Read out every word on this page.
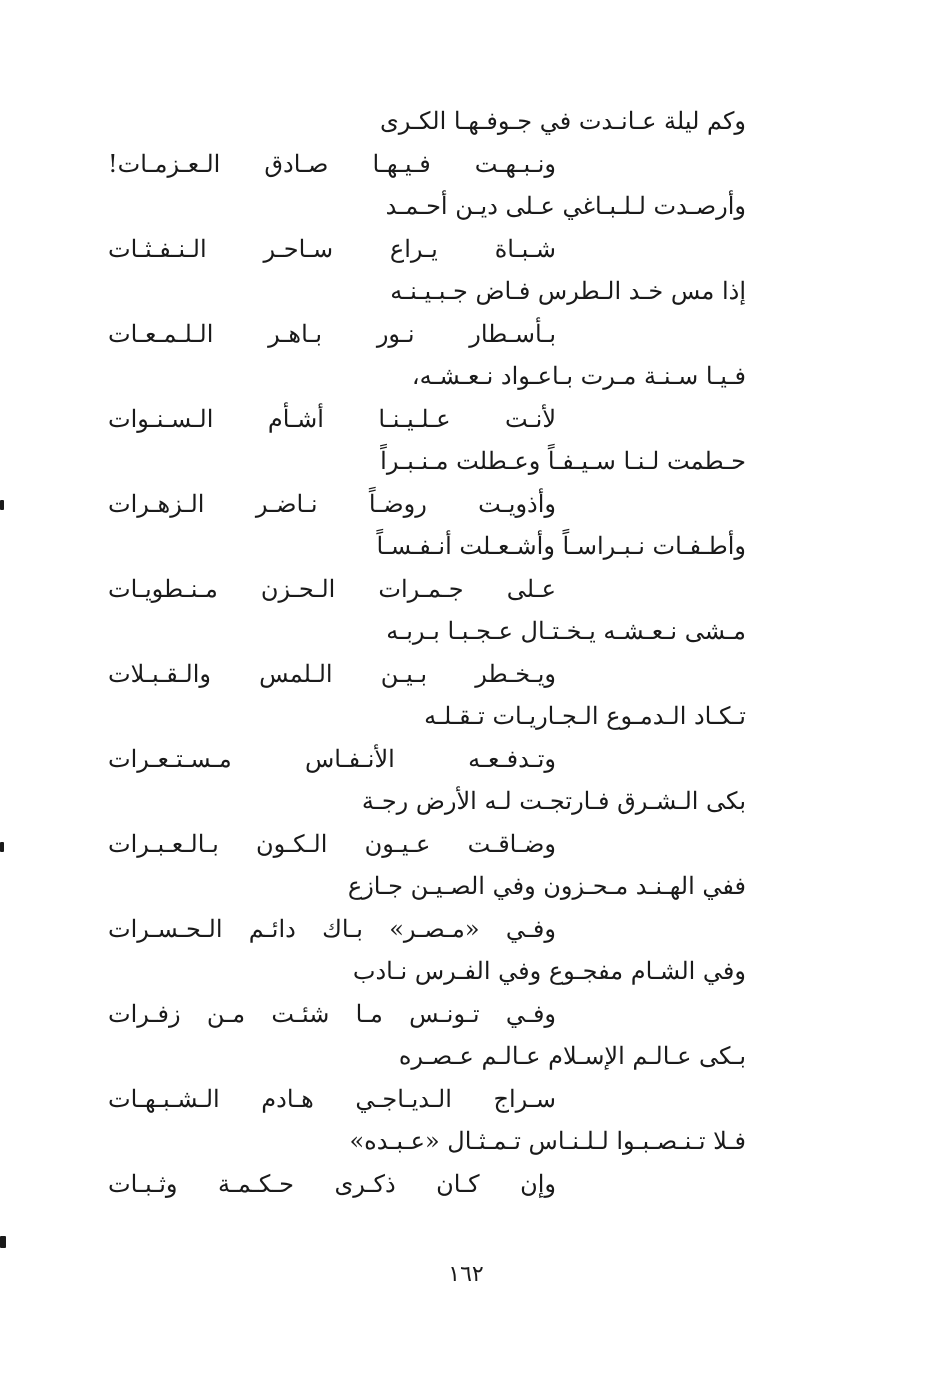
وكم ليلة عـانـدت في جـوفـهـا الكـرى
ونـبـهـت فـيـهـا صـادق الـعـزمـات!
وأرصـدت لـلـبـاغي عـلى ديـن أحـمـد
شـبـاة يـراع سـاحـر الـنـفـثـات
إذا مس خـد الـطرس فـاض جـبـيـنـه
بـأسـطار نـور بـاهـر الـلـمـعـات
فـيـا سـنـة مـرت بـاعـواد نـعـشـه،
لأنـت عـلـيـنـا أشـأم الـسـنـوات
حـطمت لـنـا سـيـفـاً وعـطلت مـنـبـراً
وأذويـت روضـاً نـاضـر الـزهـرات
وأطـفـات نـبـراسـاً وأشـعـلت أنـفـسـاً
عـلى جـمـرات الـحـزن مـنـطويـات
مـشى نـعـشـه يـخـتـال عـجـبـا بـربـه
ويـخـطر بـيـن الـلمس والـقـبـلات
تـكـاد الـدمـوع الـجـاريـات تـقـلـه
وتـدفـعـه الأنـفـاس مـسـتـعـرات
بكى الـشـرق فـارتجـت لـه الأرض رجـة
وضـاقـت عـيـون الـكـون بـالـعـبـرات
ففي الهـنـد مـحـزون وفي الصـيـن جـازع
وفـي «مـصـر» بـاك دائـم الـحـسـرات
وفي الشـام مفجـوع وفي الفـرس نـادب
وفـي تـونـس مـا شئـت مـن زفـرات
بـكى عـالـم الإسـلام عـالـم عـصـره
سـراج الـديـاجـي هـادم الـشـبـهـات
فـلا تـنـصـبـوا لـلـنـاس تـمـثـال «عـبـده»
وإن كـان ذكـرى حـكـمـة وثـبـات
١٦٢
